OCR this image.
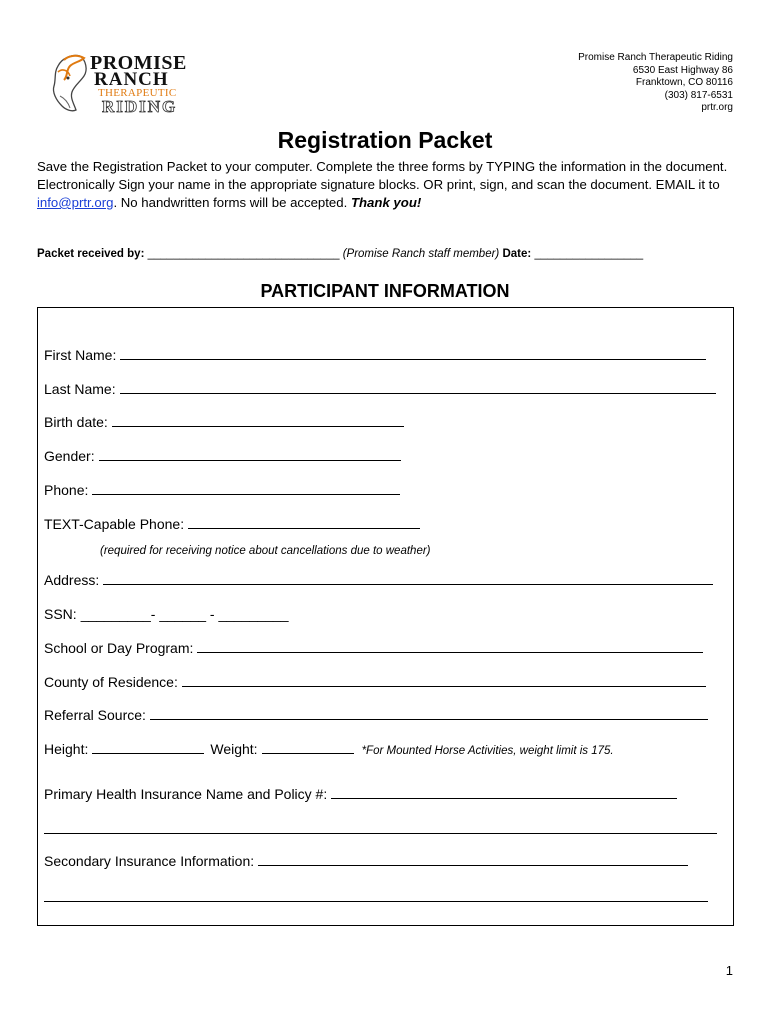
PROMISE
RANCH
THERAPEUTIC
RIDING
Promise Ranch Therapeutic Riding
6530 East Highway 86
Franktown, CO 80116
(303) 817-6531
prtr.org
Registration Packet
Save the Registration Packet to your computer. Complete the three forms by TYPING the information in the document. Electronically Sign your name in the appropriate signature blocks. OR print, sign, and scan the document. EMAIL it to info@prtr.org. No handwritten forms will be accepted. Thank you!
Packet received by: ______________________________ (Promise Ranch staff member) Date: _________________
PARTICIPANT INFORMATION
First Name:
Last Name:
Birth date:
Gender:
Phone:
TEXT-Capable Phone:
(required for receiving notice about cancellations due to weather)
Address:
SSN: _________- ______ - _________
School or Day Program:
County of Residence:
Referral Source:
Height:	Weight:	*For Mounted Horse Activities, weight limit is 175.
Primary Health Insurance Name and Policy #:
Secondary Insurance Information:
1
